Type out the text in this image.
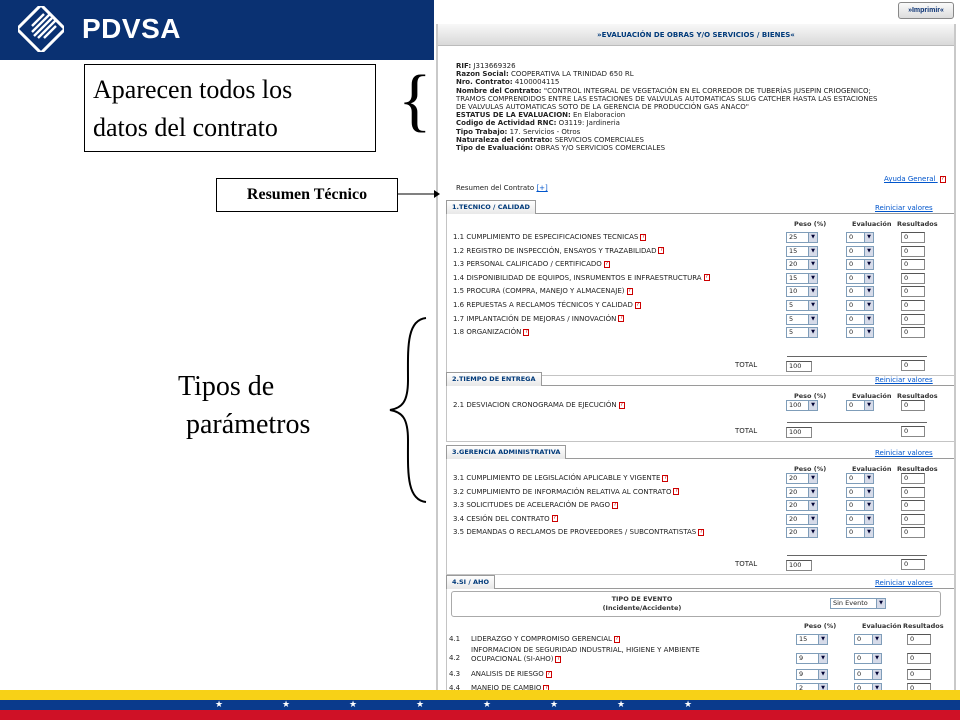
PDVSA
»Imprimir«
»EVALUACIÓN DE OBRAS Y/O SERVICIOS / BIENES«
RIF: J313669326
Razon Social: COOPERATIVA LA TRINIDAD 650 RL
Nro. Contrato: 4100004115
Nombre del Contrato: "CONTROL INTEGRAL DE VEGETACIÓN EN EL CORREDOR DE TUBERÍAS JUSEPIN CRIOGENICO;
TRAMOS COMPRENDIDOS ENTRE LAS ESTACIONES DE VALVULAS AUTOMATICAS SLUG CATCHER HASTA LAS ESTACIONES
DE VALVULAS AUTOMATICAS SOTO DE LA GERENCIA DE PRODUCCIÓN GAS ANACO"
ESTATUS DE LA EVALUACION: En Elaboracion
Codigo de Actividad RNC: O3119: Jardineria
Tipo Trabajo: 17. Servicios - Otros
Naturaleza del contrato: SERVICIOS COMERCIALES
Tipo de Evaluación: OBRAS Y/O SERVICIOS COMERCIALES
Ayuda General ?
Resumen del Contrato [+]
1.TECNICO / CALIDAD	Reiniciar valores
Peso (%)	Evaluación Resultados
1.1 CUMPLIMIENTO DE ESPECIFICACIONES TECNICAS ?	25	▼	0	▼	0
1.2 REGISTRO DE INSPECCIÓN, ENSAYOS Y TRAZABILIDAD ?	15	▼	0	▼	0
1.3 PERSONAL CALIFICADO / CERTIFICADO ?	20	▼	0	▼	0
1.4 DISPONIBILIDAD DE EQUIPOS, INSRUMENTOS E INFRAESTRUCTURA ?	15	▼	0	▼	0
1.5 PROCURA (COMPRA, MANEJO Y ALMACENAJE) ?	10	▼	0	▼	0
1.6 REPUESTAS A RECLAMOS TÉCNICOS Y CALIDAD ?	5	▼	0	▼	0
1.7 IMPLANTACIÓN DE MEJORAS / INNOVACIÓN ?	5	▼	0	▼	0
1.8 ORGANIZACIÓN ?	5	▼	0	▼	0
TOTAL	100	0
2.TIEMPO DE ENTREGA	Reiniciar valores
Peso (%)	Evaluación Resultados
2.1 DESVIACION CRONOGRAMA DE EJECUCIÓN ?	100	▼	0	▼	0
TOTAL	100	0
3.GERENCIA ADMINISTRATIVA	Reiniciar valores
Peso (%)	Evaluación Resultados
3.1 CUMPLIMIENTO DE LEGISLACIÓN APLICABLE Y VIGENTE ?	20	▼	0	▼	0
3.2 CUMPLIMIENTO DE INFORMACIÓN RELATIVA AL CONTRATO ?	20	▼	0	▼	0
3.3 SOLICITUDES DE ACELERACIÓN DE PAGO ?	20	▼	0	▼	0
3.4 CESIÓN DEL CONTRATO ?	20	▼	0	▼	0
3.5 DEMANDAS O RECLAMOS DE PROVEEDORES / SUBCONTRATISTAS ?	20	▼	0	▼	0
TOTAL	100	0
4.SI / AHO	Reiniciar valores
TIPO DE EVENTO
(Incidente/Accidente)
Sin Evento	▼
Peso (%)	Evaluación Resultados
4.1 LIDERAZGO Y COMPROMISO GERENCIAL ?	15	▼	0	▼	0
4.2
INFORMACION DE SEGURIDAD INDUSTRIAL, HIGIENE Y AMBIENTE
OCUPACIONAL (SI-AHO) ?	9	▼	0	▼	0
4.3 ANALISIS DE RIESGO ?	9	▼	0	▼	0
4.4 MANEJO DE CAMBIO ?	2	▼	0	▼	0
Aparecen todos los
datos del contrato	{
Resumen Técnico
Tipos de
parámetros
★	★	★	★	★	★	★	★
